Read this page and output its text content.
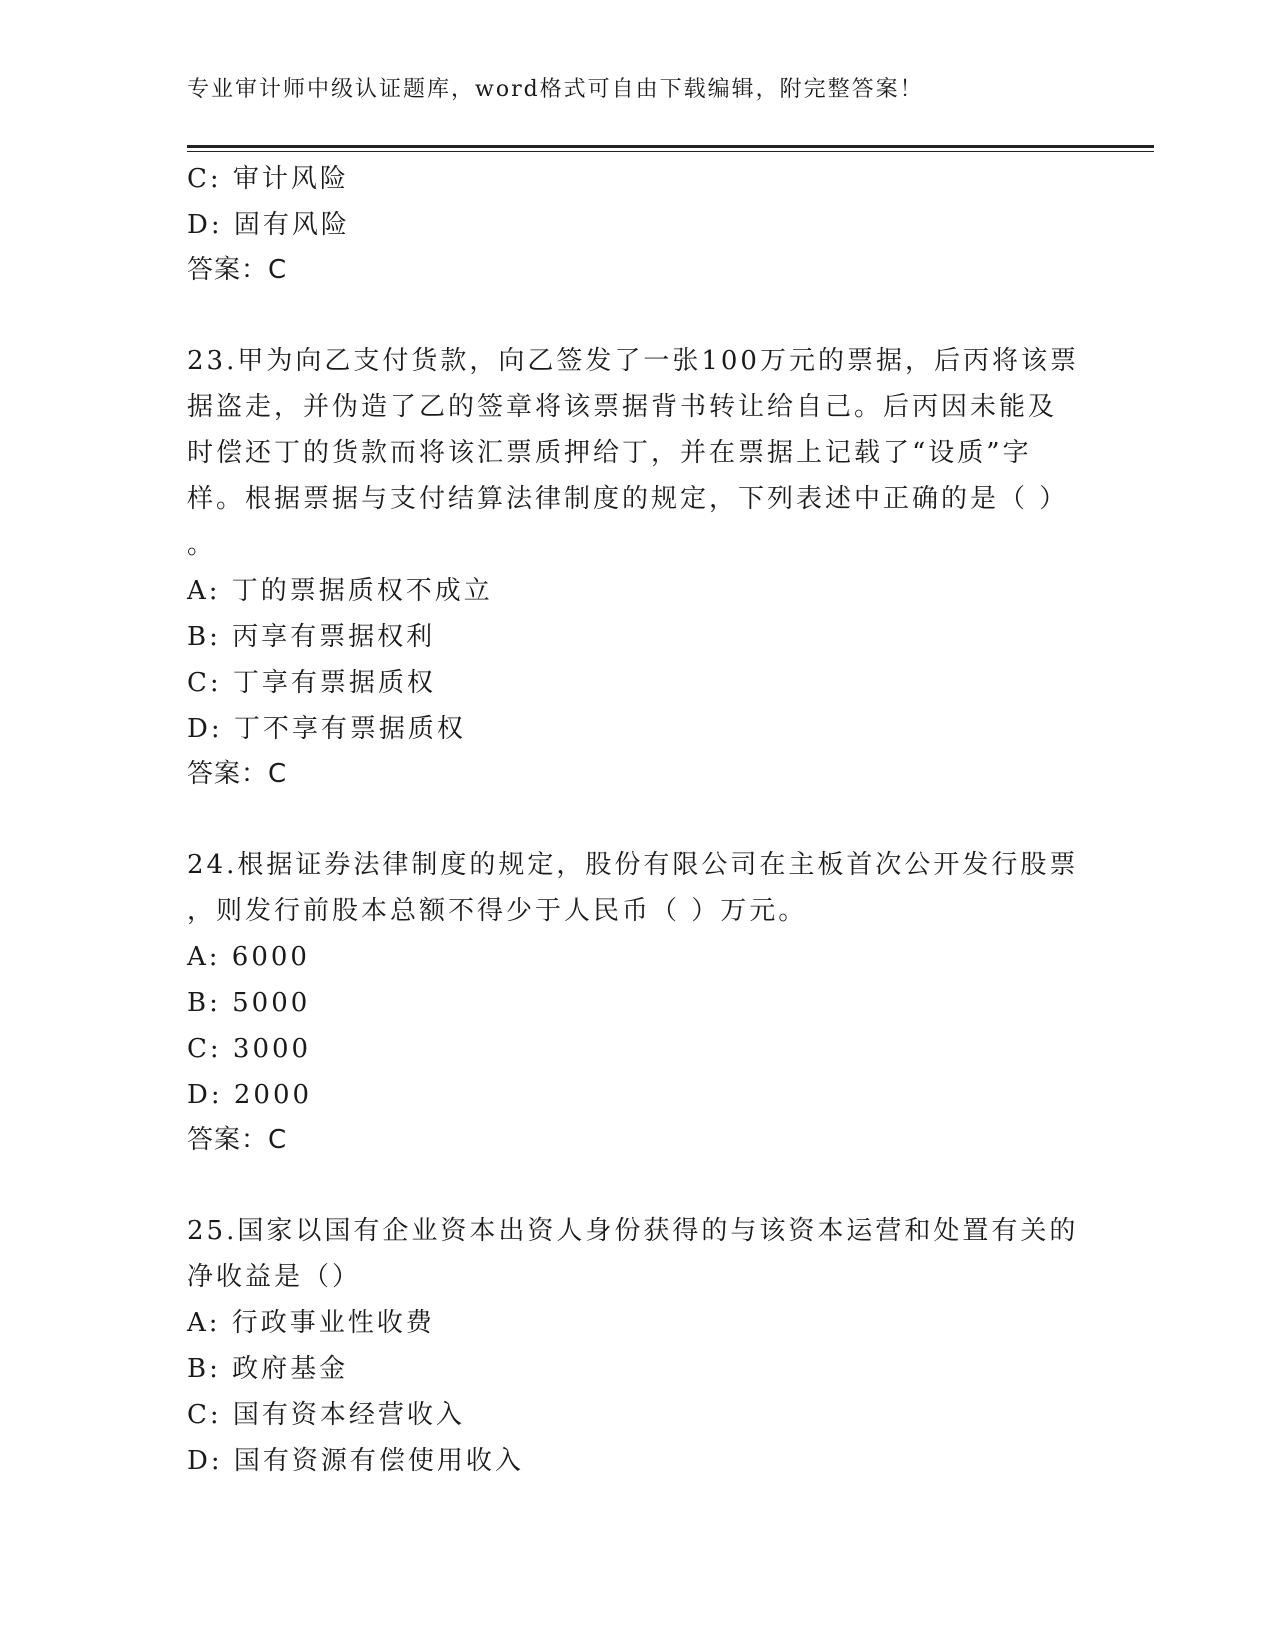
专业审计师中级认证题库，word格式可自由下载编辑，附完整答案！
C: 审计风险
D: 固有风险
答案：C
23.甲为向乙支付货款，向乙签发了一张100万元的票据，后丙将该票
据盗走，并伪造了乙的签章将该票据背书转让给自己。后丙因未能及
时偿还丁的货款而将该汇票质押给丁，并在票据上记载了“设质”字
样。根据票据与支付结算法律制度的规定，下列表述中正确的是（ ）
。
A: 丁的票据质权不成立
B: 丙享有票据权利
C: 丁享有票据质权
D: 丁不享有票据质权
答案：C
24.根据证券法律制度的规定，股份有限公司在主板首次公开发行股票
，则发行前股本总额不得少于人民币（ ）万元。
A: 6000
B: 5000
C: 3000
D: 2000
答案：C
25.国家以国有企业资本出资人身份获得的与该资本运营和处置有关的
净收益是（）
A: 行政事业性收费
B: 政府基金
C: 国有资本经营收入
D: 国有资源有偿使用收入
